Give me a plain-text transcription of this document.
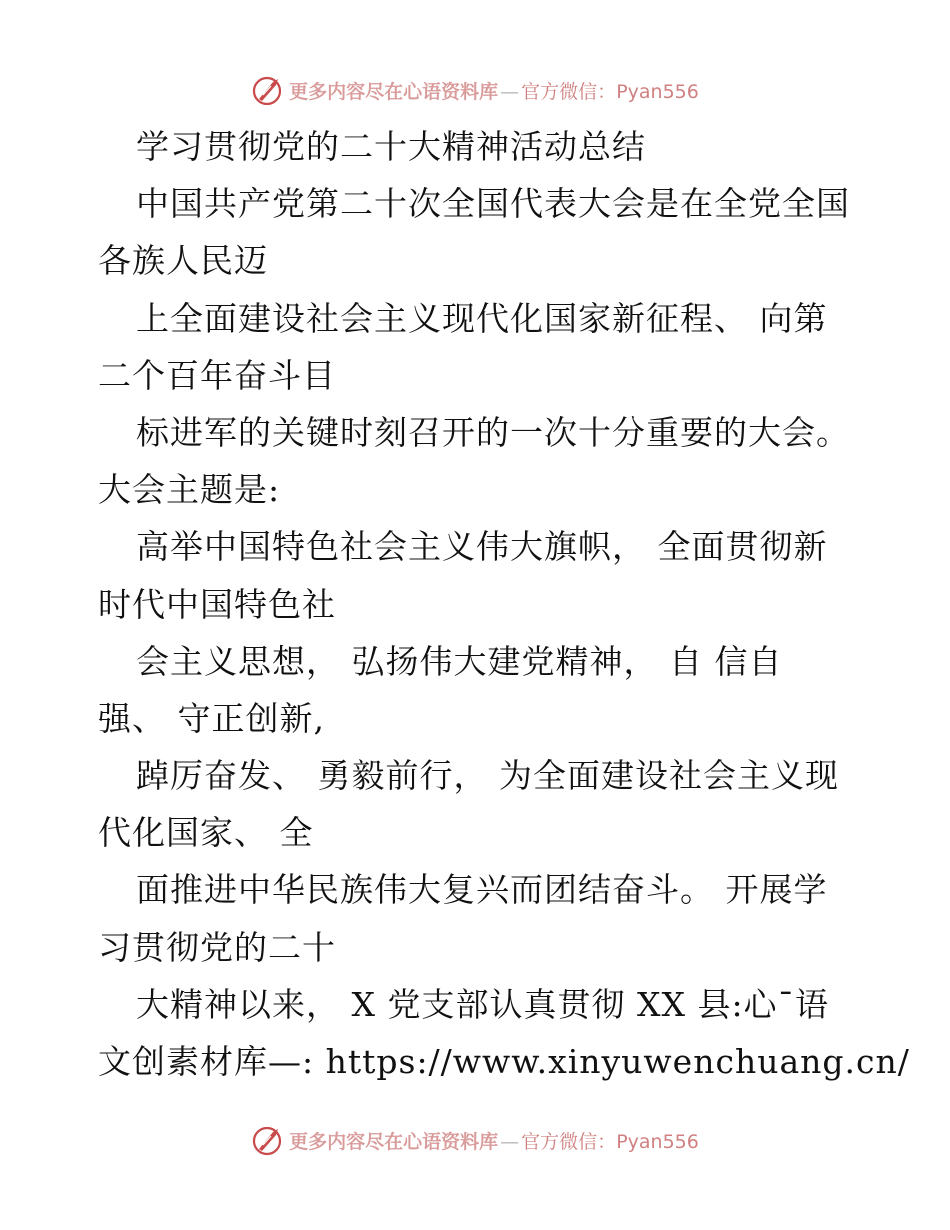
更多内容尽在心语资料库 — 官方微信：Pyan556
学习贯彻党的二十大精神活动总结
中国共产党第二十次全国代表大会是在全党全国
各族人民迈
上全面建设社会主义现代化国家新征程、 向第
二个百年奋斗目
标进军的关键时刻召开的一次十分重要的大会。
大会主题是:
高举中国特色社会主义伟大旗帜， 全面贯彻新
时代中国特色社
会主义思想， 弘扬伟大建党精神， 自 信自
强、 守正创新,
踔厉奋发、 勇毅前行， 为全面建设社会主义现
代化国家、 全
面推进中华民族伟大复兴而团结奋斗。 开展学
习贯彻党的二十
大精神以来， X 党支部认真贯彻 XX 县:心¯语
文创素材库—: https://www.xinyuwenchuang.cn/
更多内容尽在心语资料库 — 官方微信：Pyan556
